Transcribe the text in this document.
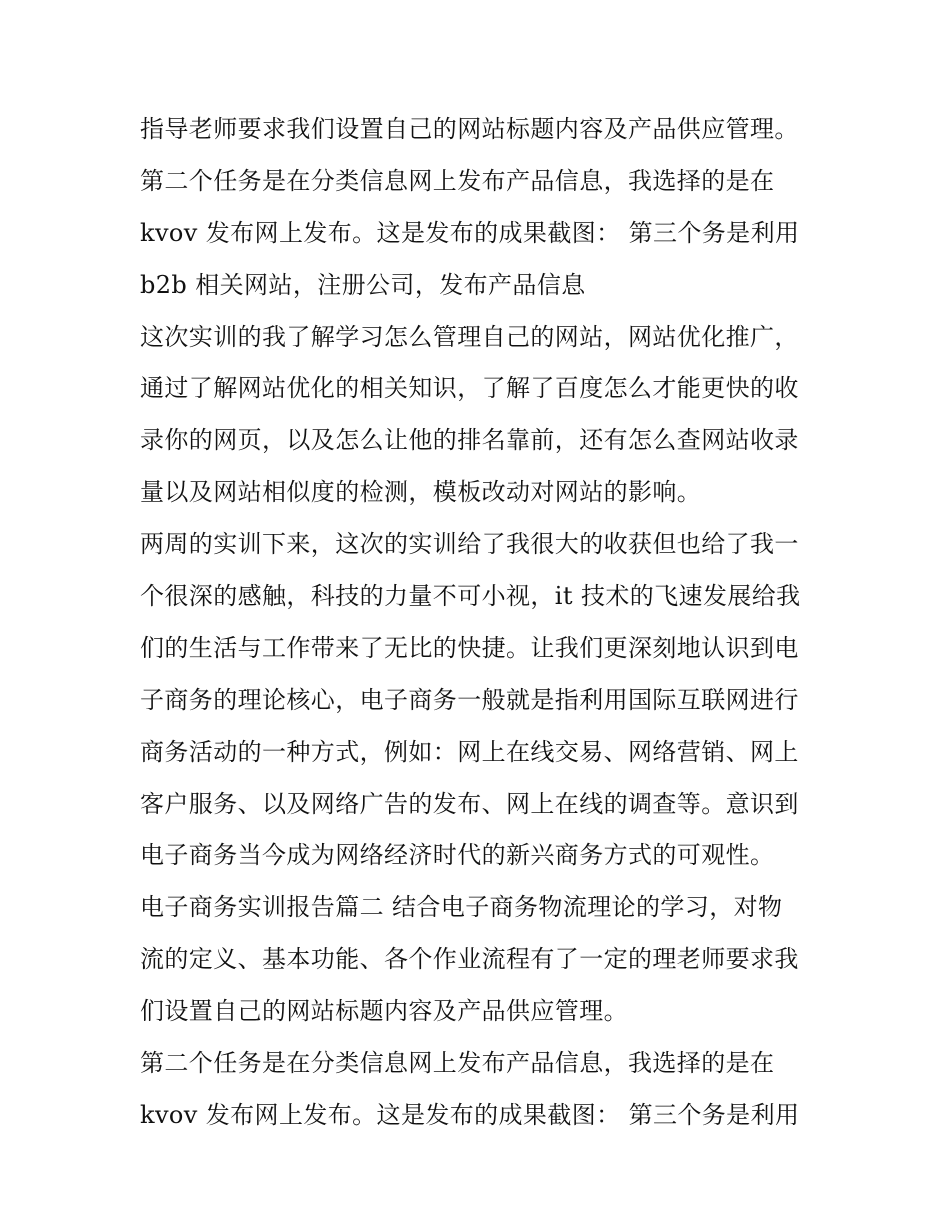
指导老师要求我们设置自己的网站标题内容及产品供应管理。
第二个任务是在分类信息网上发布产品信息，我选择的是在
kvov 发布网上发布。这是发布的成果截图： 第三个务是利用
b2b 相关网站，注册公司，发布产品信息
这次实训的我了解学习怎么管理自己的网站，网站优化推广，
通过了解网站优化的相关知识，了解了百度怎么才能更快的收
录你的网页，以及怎么让他的排名靠前，还有怎么查网站收录
量以及网站相似度的检测，模板改动对网站的影响。
两周的实训下来，这次的实训给了我很大的收获但也给了我一
个很深的感触，科技的力量不可小视，it 技术的飞速发展给我
们的生活与工作带来了无比的快捷。让我们更深刻地认识到电
子商务的理论核心，电子商务一般就是指利用国际互联网进行
商务活动的一种方式，例如：网上在线交易、网络营销、网上
客户服务、以及网络广告的发布、网上在线的调查等。意识到
电子商务当今成为网络经济时代的新兴商务方式的可观性。
电子商务实训报告篇二 结合电子商务物流理论的学习，对物
流的定义、基本功能、各个作业流程有了一定的理老师要求我
们设置自己的网站标题内容及产品供应管理。
第二个任务是在分类信息网上发布产品信息，我选择的是在
kvov 发布网上发布。这是发布的成果截图： 第三个务是利用
